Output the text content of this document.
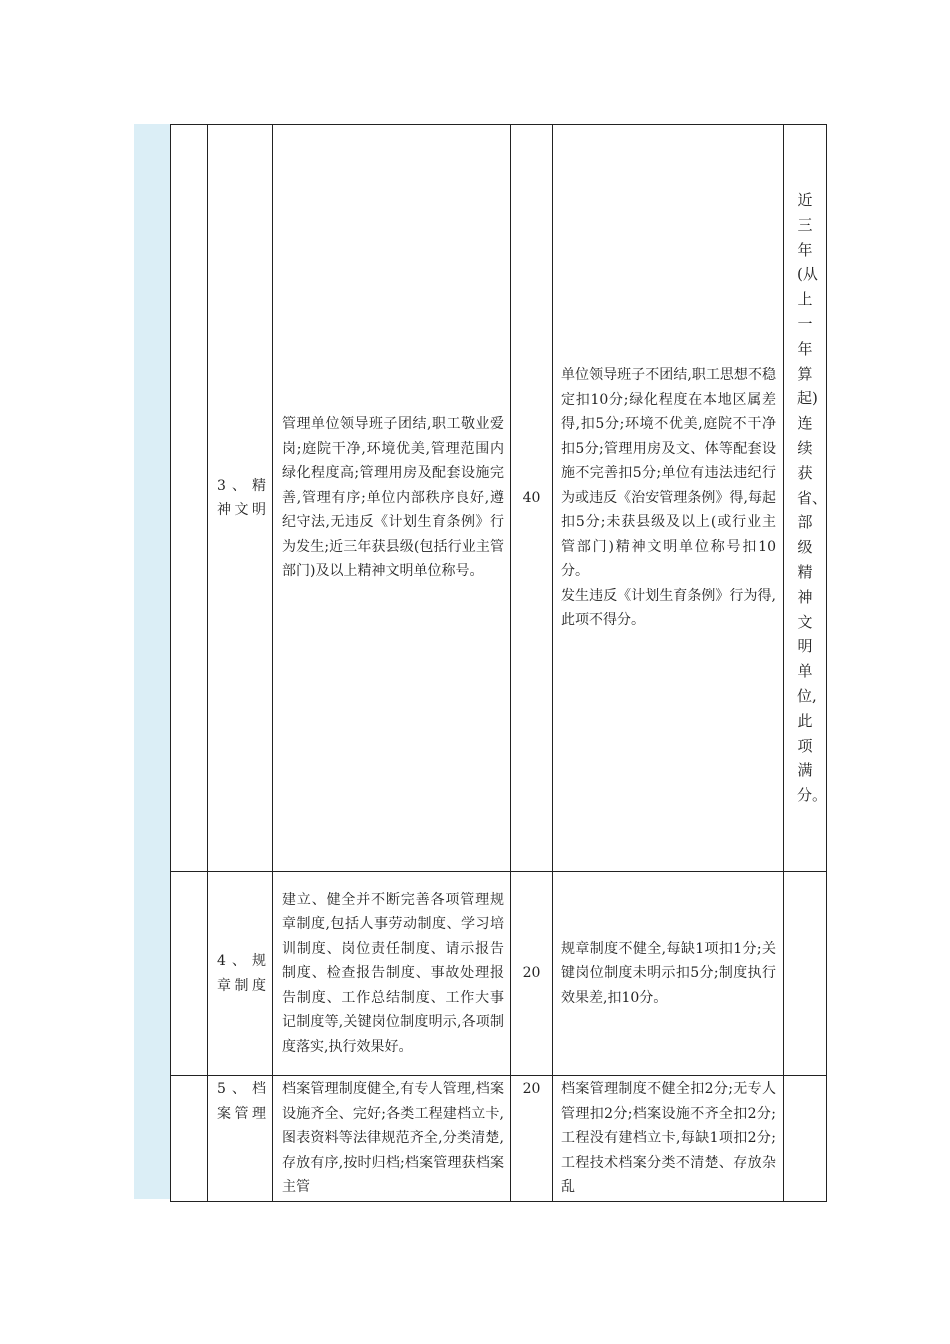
	3、精神文明	管理单位领导班子团结,职工敬业爱岗;庭院干净,环境优美,管理范围内绿化程度高;管理用房及配套设施完善,管理有序;单位内部秩序良好,遵纪守法,无违反《计划生育条例》行为发生;近三年获县级(包括行业主管部门)及以上精神文明单位称号。	40	单位领导班子不团结,职工思想不稳定扣10分;绿化程度在本地区属差得,扣5分;环境不优美,庭院不干净扣5分;管理用房及文、体等配套设施不完善扣5分;单位有违法违纪行为或违反《治安管理条例》得,每起扣5分;未获县级及以上(或行业主管部门)精神文明单位称号扣10分。
发生违反《计划生育条例》行为得,此项不得分。	近三年(从上一年算起)连续获省、部级精神文明单位,此项满分。

	4、规章制度	建立、健全并不断完善各项管理规章制度,包括人事劳动制度、学习培训制度、岗位责任制度、请示报告制度、检查报告制度、事故处理报告制度、工作总结制度、工作大事记制度等,关键岗位制度明示,各项制度落实,执行效果好。	20	规章制度不健全,每缺1项扣1分;关键岗位制度未明示扣5分;制度执行效果差,扣10分。	

	5、档案管理	档案管理制度健全,有专人管理,档案设施齐全、完好;各类工程建档立卡,图表资料等法律规范齐全,分类清楚,存放有序,按时归档;档案管理获档案主管	20	档案管理制度不健全扣2分;无专人管理扣2分;档案设施不齐全扣2分;工程没有建档立卡,每缺1项扣2分;工程技术档案分类不清楚、存放杂乱	
